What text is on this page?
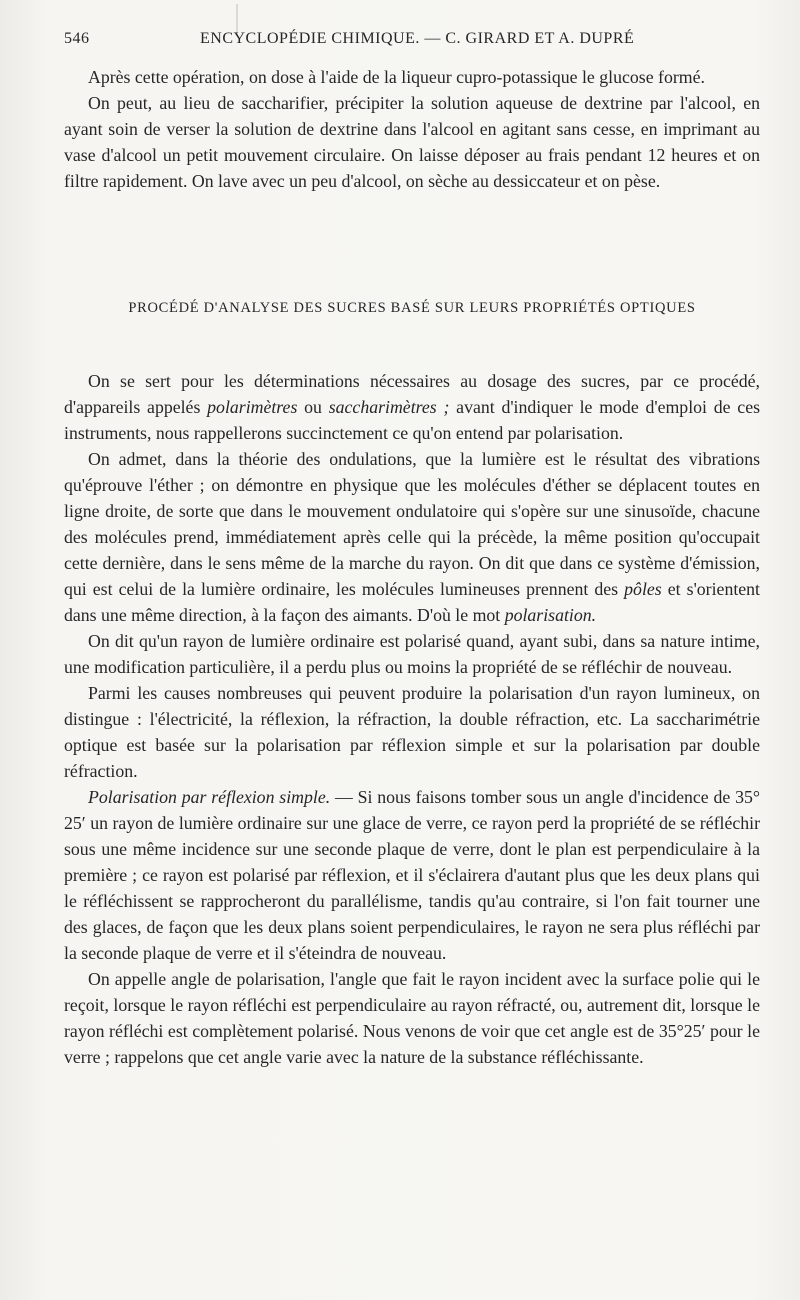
546	ENCYCLOPÉDIE CHIMIQUE. — C. GIRARD ET A. DUPRÉ

Après cette opération, on dose à l'aide de la liqueur cupro-potassique le glucose formé.

On peut, au lieu de saccharifier, précipiter la solution aqueuse de dextrine par l'alcool, en ayant soin de verser la solution de dextrine dans l'alcool en agitant sans cesse, en imprimant au vase d'alcool un petit mouvement circulaire. On laisse déposer au frais pendant 12 heures et on filtre rapidement. On lave avec un peu d'alcool, on sèche au dessiccateur et on pèse.

PROCÉDÉ D'ANALYSE DES SUCRES BASÉ SUR LEURS PROPRIÉTÉS OPTIQUES

On se sert pour les déterminations nécessaires au dosage des sucres, par ce procédé, d'appareils appelés polarimètres ou saccharimètres ; avant d'indiquer le mode d'emploi de ces instruments, nous rappellerons succinctement ce qu'on entend par polarisation.

On admet, dans la théorie des ondulations, que la lumière est le résultat des vibrations qu'éprouve l'éther ; on démontre en physique que les molécules d'éther se déplacent toutes en ligne droite, de sorte que dans le mouvement ondulatoire qui s'opère sur une sinusoïde, chacune des molécules prend, immédiatement après celle qui la précède, la même position qu'occupait cette dernière, dans le sens même de la marche du rayon. On dit que dans ce système d'émission, qui est celui de la lumière ordinaire, les molécules lumineuses prennent des pôles et s'orientent dans une même direction, à la façon des aimants. D'où le mot polarisation.

On dit qu'un rayon de lumière ordinaire est polarisé quand, ayant subi, dans sa nature intime, une modification particulière, il a perdu plus ou moins la propriété de se réfléchir de nouveau.

Parmi les causes nombreuses qui peuvent produire la polarisation d'un rayon lumineux, on distingue : l'électricité, la réflexion, la réfraction, la double réfraction, etc. La saccharimétrie optique est basée sur la polarisation par réflexion simple et sur la polarisation par double réfraction.

Polarisation par réflexion simple. — Si nous faisons tomber sous un angle d'incidence de 35° 25′ un rayon de lumière ordinaire sur une glace de verre, ce rayon perd la propriété de se réfléchir sous une même incidence sur une seconde plaque de verre, dont le plan est perpendiculaire à la première ; ce rayon est polarisé par réflexion, et il s'éclairera d'autant plus que les deux plans qui le réfléchissent se rapprocheront du parallélisme, tandis qu'au contraire, si l'on fait tourner une des glaces, de façon que les deux plans soient perpendiculaires, le rayon ne sera plus réfléchi par la seconde plaque de verre et il s'éteindra de nouveau.

On appelle angle de polarisation, l'angle que fait le rayon incident avec la surface polie qui le reçoit, lorsque le rayon réfléchi est perpendiculaire au rayon réfracté, ou, autrement dit, lorsque le rayon réfléchi est complètement polarisé. Nous venons de voir que cet angle est de 35°25′ pour le verre ; rappelons que cet angle varie avec la nature de la substance réfléchissante.
